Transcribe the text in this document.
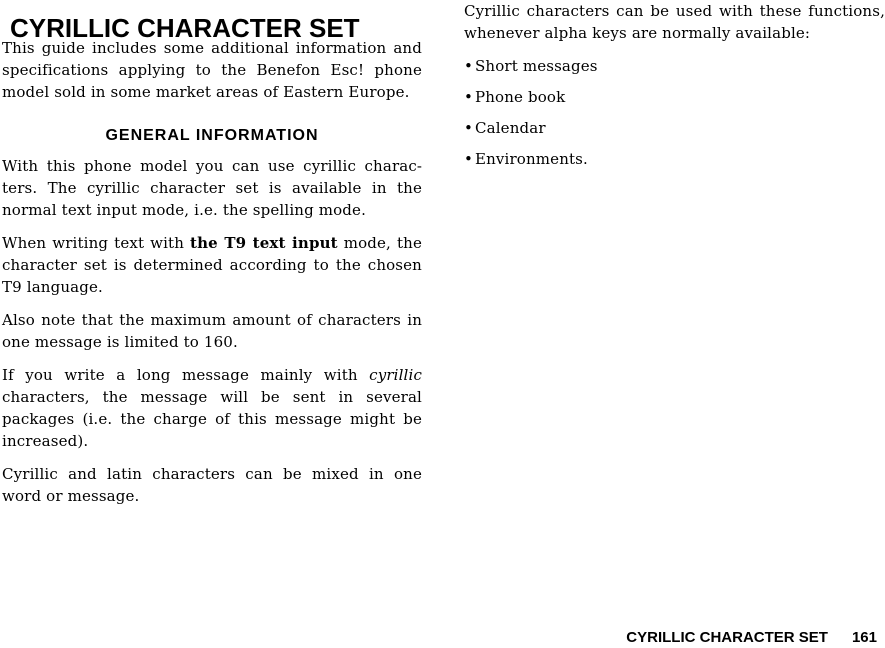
CYRILLIC CHARACTER SET

This guide includes some additional information and specifications applying to the Benefon Esc! phone model sold in some market areas of Eastern Europe.

GENERAL INFORMATION

With this phone model you can use cyrillic characters. The cyrillic character set is available in the normal text input mode, i.e. the spelling mode.

When writing text with the T9 text input mode, the character set is determined according to the chosen T9 language.

Also note that the maximum amount of characters in one message is limited to 160.

If you write a long message mainly with cyrillic characters, the message will be sent in several packages (i.e. the charge of this message might be increased).

Cyrillic and latin characters can be mixed in one word or message.

Cyrillic characters can be used with these functions, whenever alpha keys are normally available:

• Short messages
• Phone book
• Calendar
• Environments.
CYRILLIC CHARACTER SET 161
